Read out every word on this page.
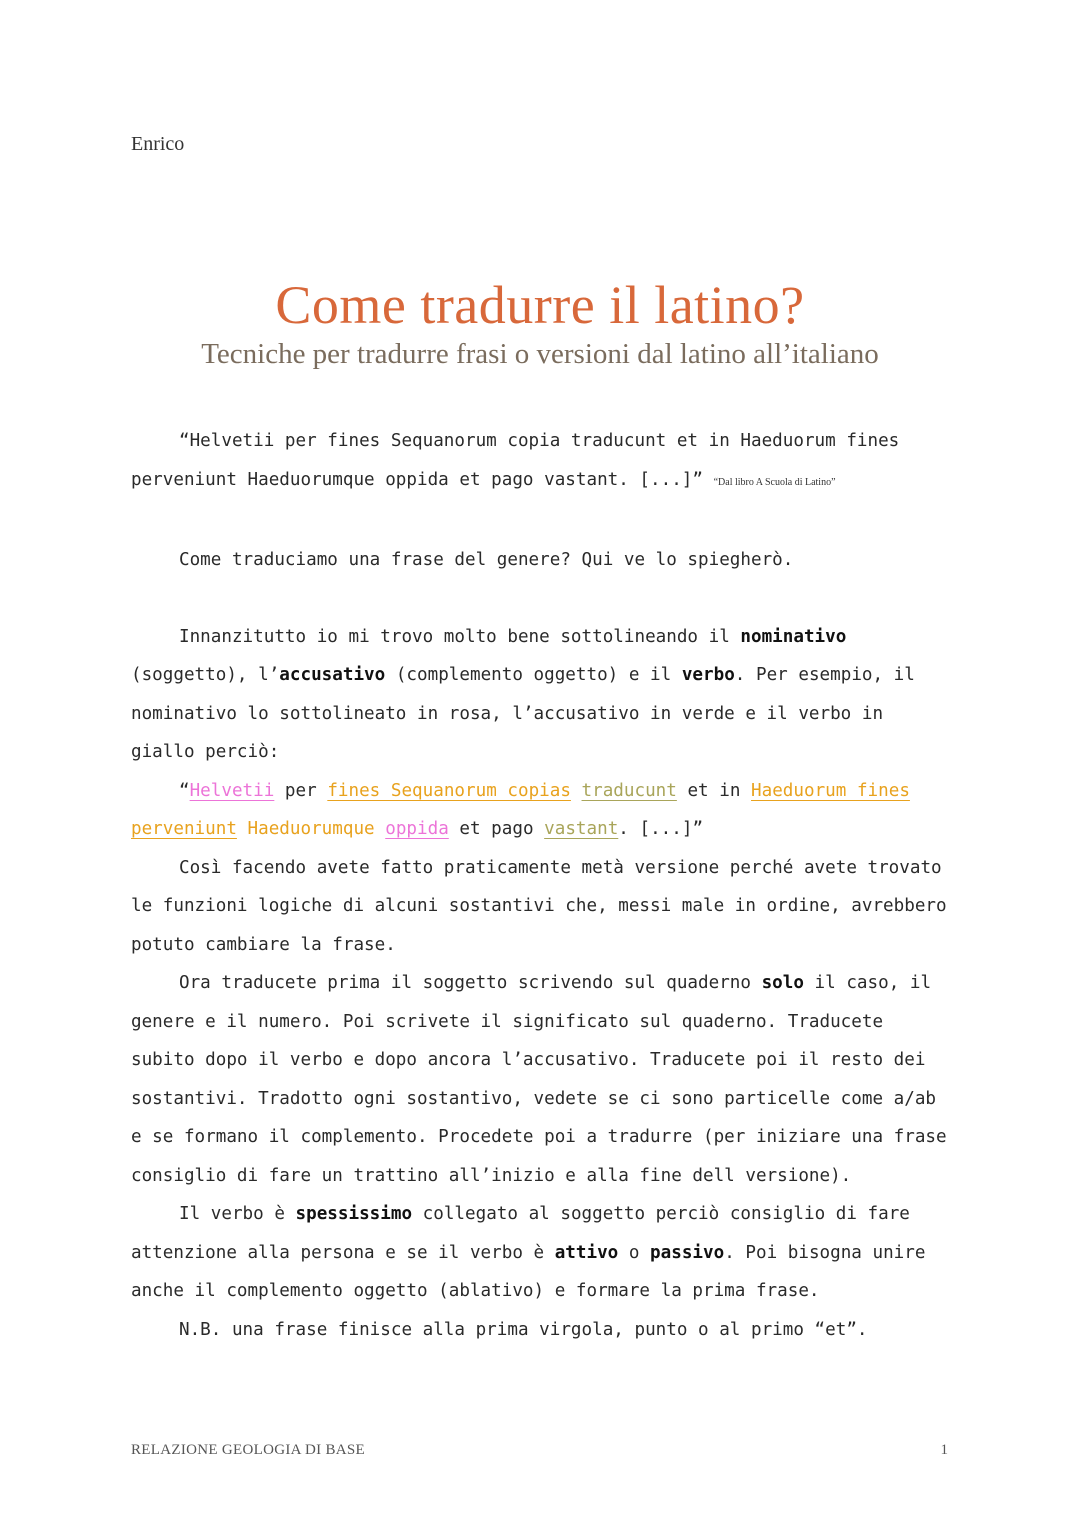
Enrico
Come tradurre il latino?
Tecniche per tradurre frasi o versioni dal latino all’italiano

“Helvetii per fines Sequanorum copia traducunt et in Haeduorum fines perveniunt Haeduorumque oppida et pago vastant. [...]” “Dal libro A Scuola di Latino”

Come traduciamo una frase del genere? Qui ve lo spiegherò.

Innanzitutto io mi trovo molto bene sottolineando il nominativo (soggetto), l’accusativo (complemento oggetto) e il verbo. Per esempio, il nominativo lo sottolineato in rosa, l’accusativo in verde e il verbo in giallo perciò:

“Helvetii per fines Sequanorum copias traducunt et in Haeduorum fines perveniunt Haeduorumque oppida et pago vastant. [...]”

Così facendo avete fatto praticamente metà versione perché avete trovato le funzioni logiche di alcuni sostantivi che, messi male in ordine, avrebbero potuto cambiare la frase.

Ora traducete prima il soggetto scrivendo sul quaderno solo il caso, il genere e il numero. Poi scrivete il significato sul quaderno. Traducete subito dopo il verbo e dopo ancora l’accusativo. Traducete poi il resto dei sostantivi. Tradotto ogni sostantivo, vedete se ci sono particelle come a/ab e se formano il complemento. Procedete poi a tradurre (per iniziare una frase consiglio di fare un trattino all’inizio e alla fine dell versione).

Il verbo è spessissimo collegato al soggetto perciò consiglio di fare attenzione alla persona e se il verbo è attivo o passivo. Poi bisogna unire anche il complemento oggetto (ablativo) e formare la prima frase.

N.B. una frase finisce alla prima virgola, punto o al primo “et”.

RELAZIONE GEOLOGIA DI BASE	1
